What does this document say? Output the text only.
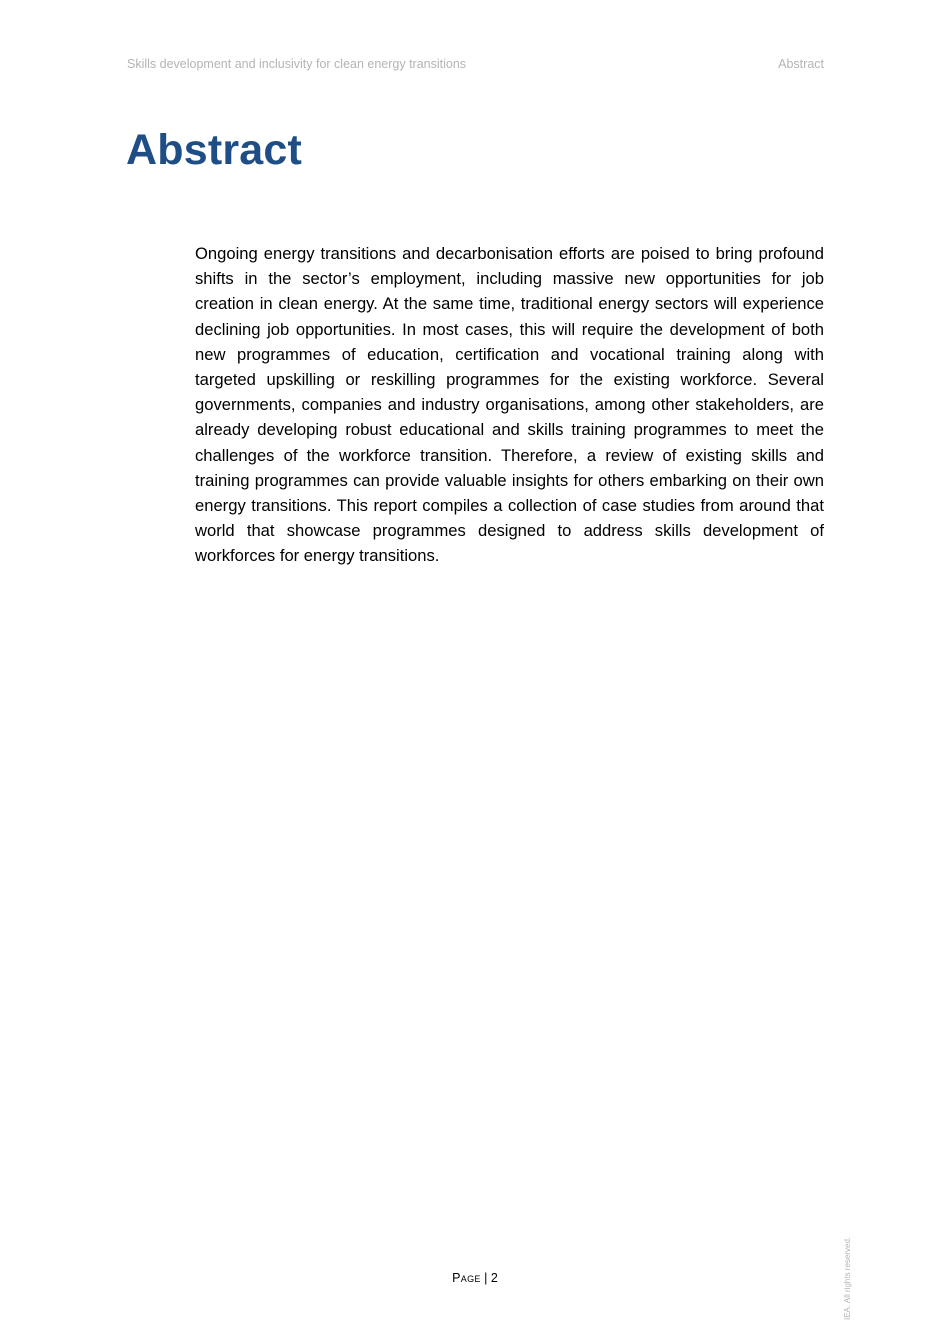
Skills development and inclusivity for clean energy transitions	Abstract
Abstract

Ongoing energy transitions and decarbonisation efforts are poised to bring profound shifts in the sector’s employment, including massive new opportunities for job creation in clean energy. At the same time, traditional energy sectors will experience declining job opportunities. In most cases, this will require the development of both new programmes of education, certification and vocational training along with targeted upskilling or reskilling programmes for the existing workforce. Several governments, companies and industry organisations, among other stakeholders, are already developing robust educational and skills training programmes to meet the challenges of the workforce transition. Therefore, a review of existing skills and training programmes can provide valuable insights for others embarking on their own energy transitions. This report compiles a collection of case studies from around that world that showcase programmes designed to address skills development of workforces for energy transitions.

Page | 2	IEA. All rights reserved.
